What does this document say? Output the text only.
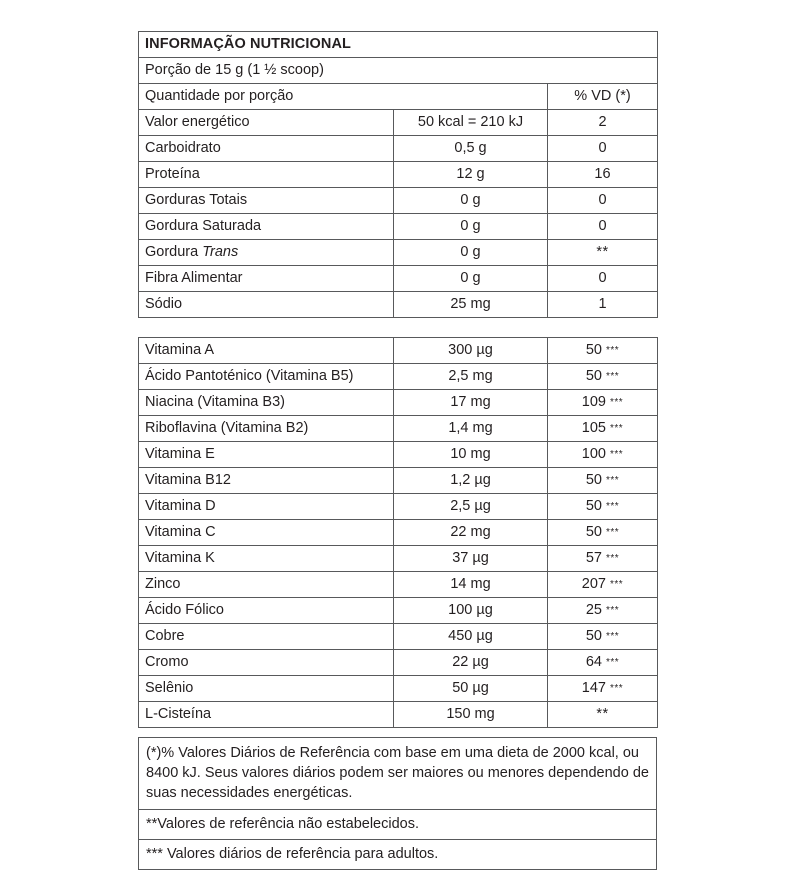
INFORMAÇÃO NUTRICIONAL		
Porção de 15 g (1 ½ scoop)		
Quantidade por porção		% VD (*)
Valor energético	50 kcal = 210 kJ	2
Carboidrato	0,5 g	0
Proteína	12 g	16
Gorduras Totais	0 g	0
Gordura Saturada	0 g	0
Gordura Trans	0 g	**
Fibra Alimentar	0 g	0
Sódio	25 mg	1
Vitamina A	300 µg	50 ***
Ácido Pantoténico (Vitamina B5)	2,5 mg	50 ***
Niacina (Vitamina B3)	17 mg	109 ***
Riboflavina (Vitamina B2)	1,4 mg	105 ***
Vitamina E	10 mg	100 ***
Vitamina B12	1,2 µg	50 ***
Vitamina D	2,5 µg	50 ***
Vitamina C	22 mg	50 ***
Vitamina K	37 µg	57 ***
Zinco	14 mg	207 ***
Ácido Fólico	100 µg	25 ***
Cobre	450 µg	50 ***
Cromo	22 µg	64 ***
Selênio	50 µg	147 ***
L-Cisteína	150 mg	**
(*)% Valores Diários de Referência com base em uma dieta de 2000 kcal, ou 8400 kJ. Seus valores diários podem ser maiores ou menores dependendo de suas necessidades energéticas.
**Valores de referência não estabelecidos.
*** Valores diários de referência para adultos.
